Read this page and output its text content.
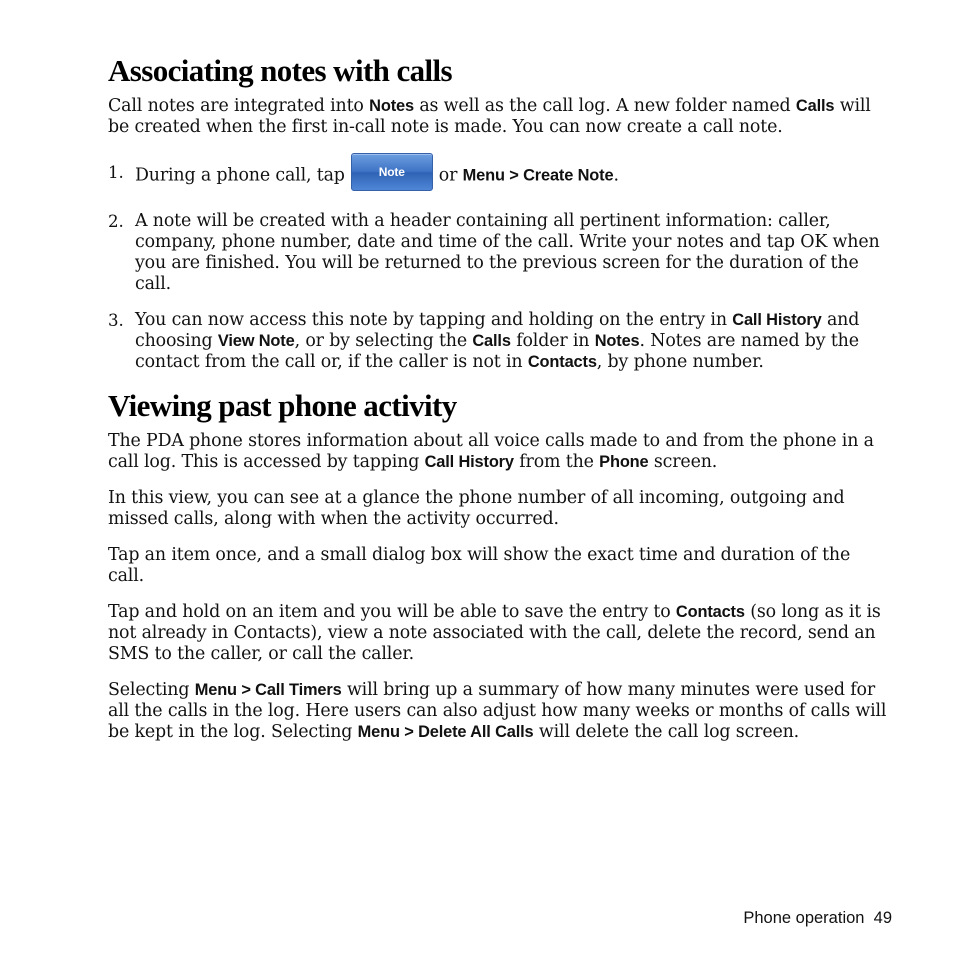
Associating notes with calls

Call notes are integrated into Notes as well as the call log. A new folder named Calls will be created when the first in-call note is made. You can now create a call note.

1. During a phone call, tap	Note or Menu > Create Note.

2. A note will be created with a header containing all pertinent information: caller, company, phone number, date and time of the call. Write your notes and tap OK when you are finished. You will be returned to the previous screen for the duration of the call.

3. You can now access this note by tapping and holding on the entry in Call History and choosing View Note, or by selecting the Calls folder in Notes. Notes are named by the contact from the call or, if the caller is not in Contacts, by phone number.

Viewing past phone activity

The PDA phone stores information about all voice calls made to and from the phone in a call log. This is accessed by tapping Call History from the Phone screen.

In this view, you can see at a glance the phone number of all incoming, outgoing and missed calls, along with when the activity occurred.

Tap an item once, and a small dialog box will show the exact time and duration of the call.

Tap and hold on an item and you will be able to save the entry to Contacts (so long as it is not already in Contacts), view a note associated with the call, delete the record, send an SMS to the caller, or call the caller.

Selecting Menu > Call Timers will bring up a summary of how many minutes were used for all the calls in the log. Here users can also adjust how many weeks or months of calls will be kept in the log. Selecting Menu > Delete All Calls will delete the call log screen.

Phone operation 49
